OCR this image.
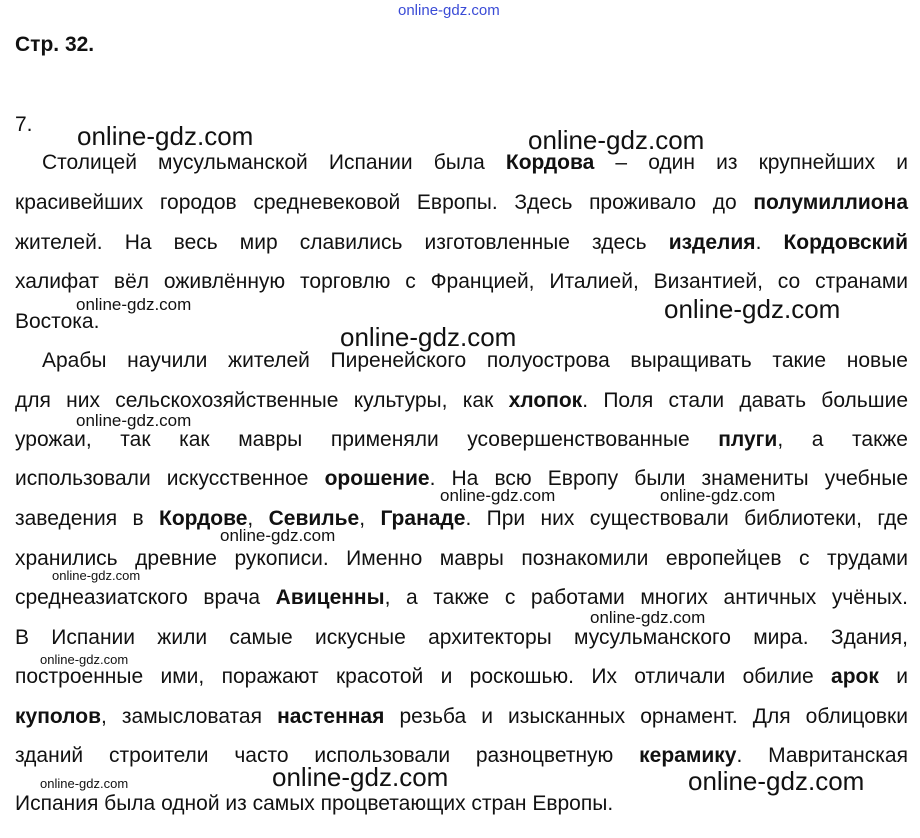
Стр. 32.
7.
Столицей мусульманской Испании была Кордова – один из крупнейших и
красивейших городов средневековой Европы. Здесь проживало до полумиллиона
жителей. На весь мир славились изготовленные здесь изделия. Кордовский
халифат вёл оживлённую торговлю с Францией, Италией, Византией, со странами
Востока.
Арабы научили жителей Пиренейского полуострова выращивать такие новые
для них сельскохозяйственные культуры, как хлопок. Поля стали давать большие
урожаи, так как мавры применяли усовершенствованные плуги, а также
использовали искусственное орошение. На всю Европу были знамениты учебные
заведения в Кордове, Севилье, Гранаде. При них существовали библиотеки, где
хранились древние рукописи. Именно мавры познакомили европейцев с трудами
среднеазиатского врача Авиценны, а также с работами многих античных учёных.
В Испании жили самые искусные архитекторы мусульманского мира. Здания,
построенные ими, поражают красотой и роскошью. Их отличали обилие арок и
куполов, замысловатая настенная резьба и изысканных орнамент. Для облицовки
зданий строители часто использовали разноцветную керамику. Мавританская
Испания была одной из самых процветающих стран Европы.
online-gdz.com
online-gdz.com	online-gdz.com
online-gdz.com	online-gdz.com
online-gdz.com
online-gdz.com
online-gdz.com	online-gdz.com
online-gdz.com
online-gdz.com
online-gdz.com
online-gdz.com
online-gdz.com	online-gdz.com
online-gdz.com
